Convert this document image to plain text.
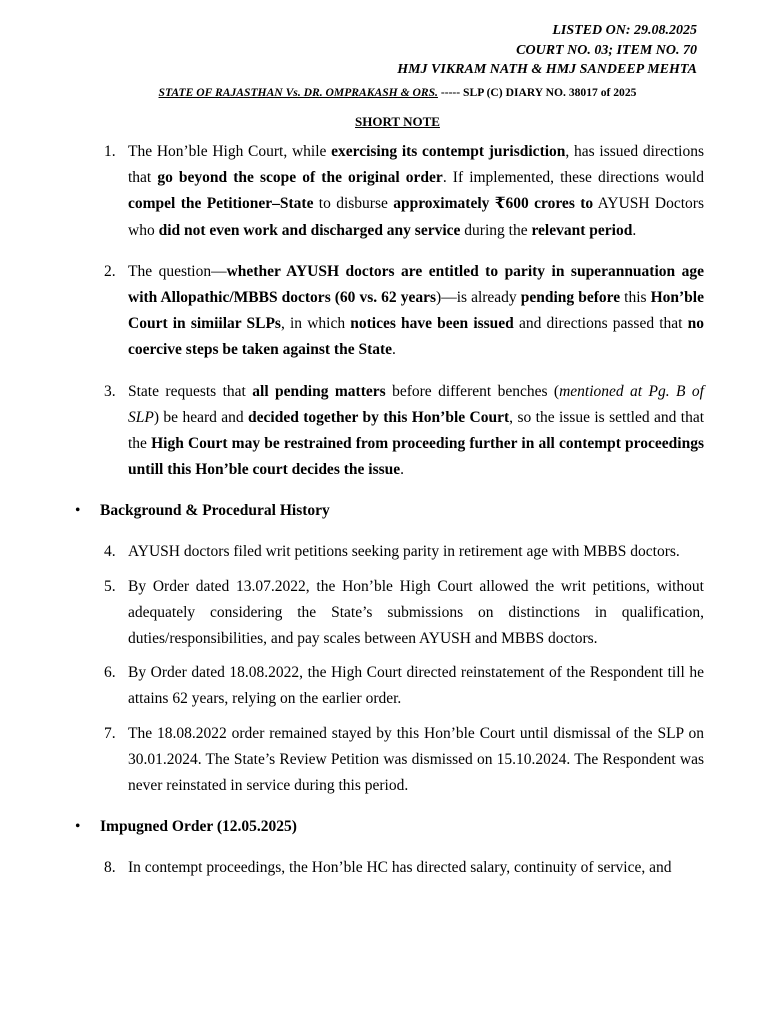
LISTED ON: 29.08.2025
COURT NO. 03; ITEM NO. 70
HMJ VIKRAM NATH & HMJ SANDEEP MEHTA
STATE OF RAJASTHAN Vs. DR. OMPRAKASH & ORS. ----- SLP (C) DIARY NO. 38017 of 2025
SHORT NOTE
1. The Hon’ble High Court, while exercising its contempt jurisdiction, has issued directions that go beyond the scope of the original order. If implemented, these directions would compel the Petitioner–State to disburse approximately ₹600 crores to AYUSH Doctors who did not even work and discharged any service during the relevant period.
2. The question—whether AYUSH doctors are entitled to parity in superannuation age with Allopathic/MBBS doctors (60 vs. 62 years)—is already pending before this Hon’ble Court in simiilar SLPs, in which notices have been issued and directions passed that no coercive steps be taken against the State.
3. State requests that all pending matters before different benches (mentioned at Pg. B of SLP) be heard and decided together by this Hon’ble Court, so the issue is settled and that the High Court may be restrained from proceeding further in all contempt proceedings untill this Hon’ble court decides the issue.
• Background & Procedural History
4. AYUSH doctors filed writ petitions seeking parity in retirement age with MBBS doctors.
5. By Order dated 13.07.2022, the Hon’ble High Court allowed the writ petitions, without adequately considering the State’s submissions on distinctions in qualification, duties/responsibilities, and pay scales between AYUSH and MBBS doctors.
6. By Order dated 18.08.2022, the High Court directed reinstatement of the Respondent till he attains 62 years, relying on the earlier order.
7. The 18.08.2022 order remained stayed by this Hon’ble Court until dismissal of the SLP on 30.01.2024. The State’s Review Petition was dismissed on 15.10.2024. The Respondent was never reinstated in service during this period.
• Impugned Order (12.05.2025)
8. In contempt proceedings, the Hon’ble HC has directed salary, continuity of service, and
